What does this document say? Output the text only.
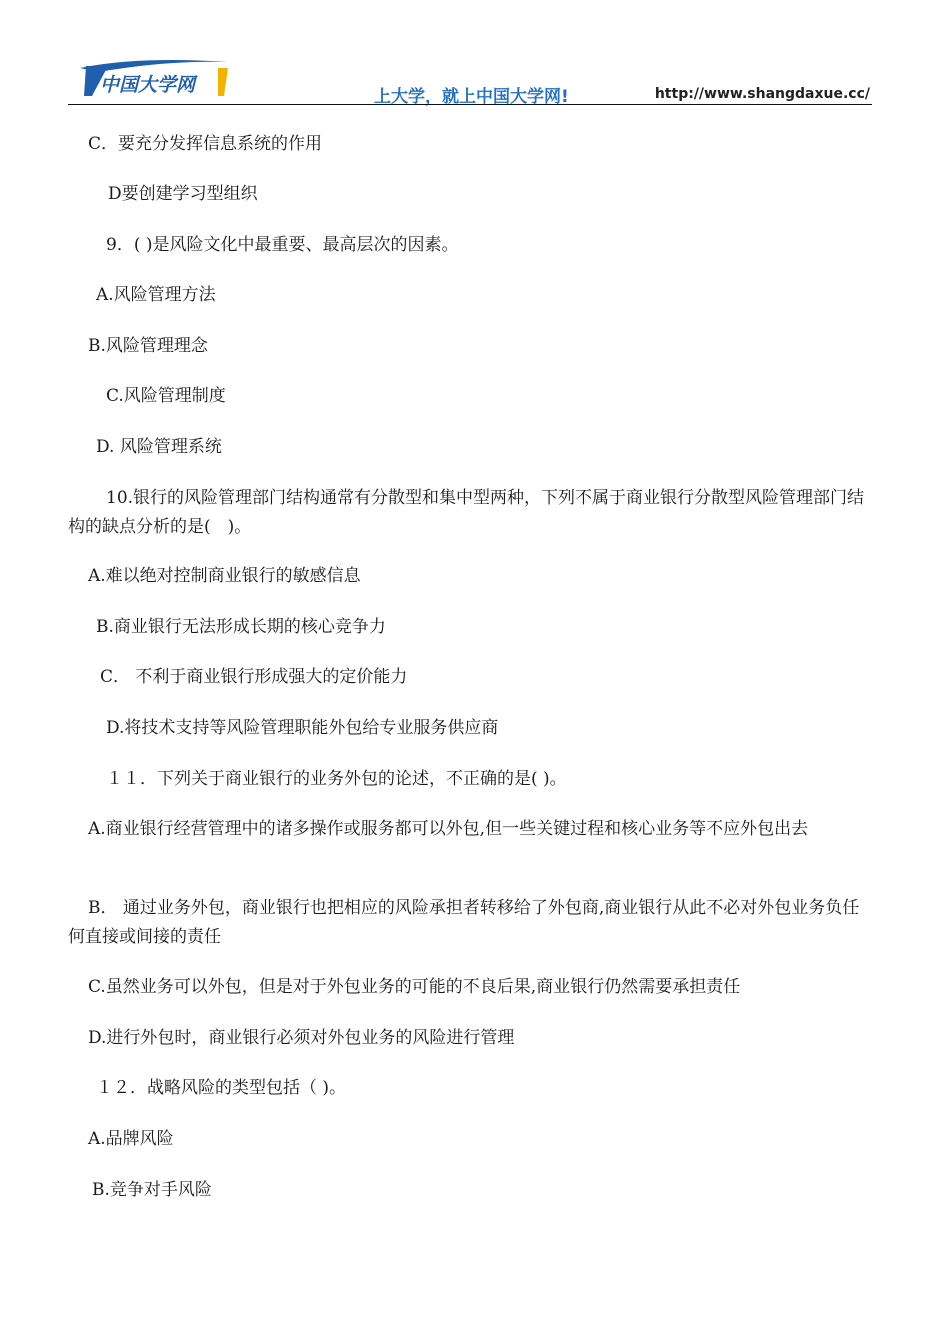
中国大学网
上大学，就上中国大学网!	http://www.shangdaxue.cc/
C．要充分发挥信息系统的作用
D要创建学习型组织
9．( )是风险文化中最重要、最高层次的因素。
A.风险管理方法
B.风险管理理念
C.风险管理制度
D. 风险管理系统
10.银行的风险管理部门结构通常有分散型和集中型两种，下列不属于商业银行分散型风险管理部门结构的缺点分析的是(　)。
A.难以绝对控制商业银行的敏感信息
B.商业银行无法形成长期的核心竞争力
C． 不利于商业银行形成强大的定价能力
D.将技术支持等风险管理职能外包给专业服务供应商
１１．下列关于商业银行的业务外包的论述，不正确的是( )。
A.商业银行经营管理中的诸多操作或服务都可以外包,但一些关键过程和核心业务等不应外包出去
B． 通过业务外包，商业银行也把相应的风险承担者转移给了外包商,商业银行从此不必对外包业务负任何直接或间接的责任
C.虽然业务可以外包，但是对于外包业务的可能的不良后果,商业银行仍然需要承担责任
D.进行外包时，商业银行必须对外包业务的风险进行管理
１２．战略风险的类型包括（ )。
A.品牌风险
B.竞争对手风险
